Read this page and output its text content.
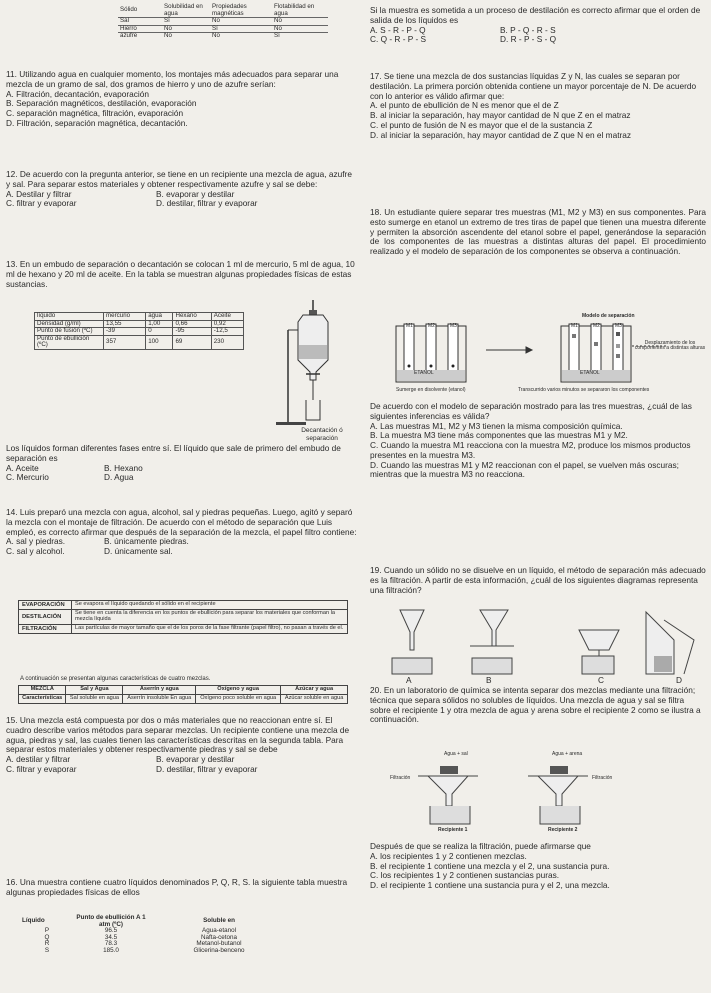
Sólido	Solubilidad en agua	Propiedades magnéticas	Flotabilidad en agua
Sal	Sí	No	No
Hierro	No	Sí	No
azufre	No	No	Sí

11. Utilizando agua en cualquier momento, los montajes más adecuados para separar una mezcla de un gramo de sal, dos gramos de hierro y uno de azufre serían:

A. Filtración, decantación, evaporación

B. Separación magnéticos, destilación, evaporación

C. separación magnética, filtración, evaporación

D. Filtración, separación magnética, decantación.

12. De acuerdo con la pregunta anterior, se tiene en un recipiente una mezcla de agua, azufre y sal. Para separar estos materiales y obtener respectivamente azufre y sal se debe:

A. Destilar y filtrar	B. evaporar y destilar
C. filtrar y evaporar	D. destilar, filtrar y evaporar

13. En un embudo de separación o decantación se colocan 1 ml de mercurio, 5 ml de agua, 10 ml de hexano y 20 ml de aceite. En la tabla se muestran algunas propiedades físicas de estas sustancias.

líquido	mercurio	agua	Hexano	Aceite
Densidad (g/ml)	13,55	1,00	0,66	0,92
Punto de fusión (ºC)	-39	0	-95	-12,5
Punto de ebullición (ºC)	357	100	69	230

Decantación ó separación

Los líquidos forman diferentes fases entre sí. El líquido que sale de primero del embudo de separación es

A. Aceite	B. Hexano
C. Mercurio	D. Agua

14. Luis preparó una mezcla con agua, alcohol, sal y piedras pequeñas. Luego, agitó y separó la mezcla con el montaje de filtración. De acuerdo con el método de separación que Luis empleó, es correcto afirmar que después de la separación de la mezcla, el papel filtro contiene:

A. sal y piedras.	B. únicamente piedras.
C. sal y alcohol.	D. únicamente sal.
EVAPORACIÓN	Se evapora el líquido quedando el sólido en el recipiente
DESTILACIÓN	Se tiene en cuenta la diferencia en los puntos de ebullición para separar los materiales que conforman la mezcla líquida
FILTRACIÓN	Las partículas de mayor tamaño que el de los poros de la fase filtrante (papel filtro), no pasan a través de el.

A continuación se presentan algunas características de cuatro mezclas.

MEZCLA	Sal y Agua	Aserrín y agua	Oxígeno y agua	Azúcar y agua
Características	Sal soluble en agua	Aserrín insoluble En agua	Oxígeno poco soluble en agua	Azúcar soluble en agua

15. Una mezcla está compuesta por dos o más materiales que no reaccionan entre sí. El cuadro describe varios métodos para separar mezclas. Un recipiente contiene una mezcla de agua, piedras y sal, las cuales tienen las características descritas en la segunda tabla. Para separar estos materiales y obtener respectivamente piedras y sal se debe

A. destilar y filtrar	B. evaporar y destilar
C. filtrar y evaporar	D. destilar, filtrar y evaporar

16. Una muestra contiene cuatro líquidos denominados P, Q, R, S. la siguiente tabla muestra algunas propiedades físicas de ellos

Líquido	Punto de ebullición A 1 atm (ºC)	Soluble en
P	96.5	Agua-etanol
Q	34.5	Nafta-cetona
R	78.3	Metanol-butanol
S	185.0	Glicerina-benceno

Si la muestra es sometida a un proceso de destilación es correcto afirmar que el orden de salida de los líquidos es

A. S - R - P - Q	B. P - Q - R - S
C. Q - R - P - S	D. R - P - S - Q

17. Se tiene una mezcla de dos sustancias líquidas Z y N, las cuales se separan por destilación. La primera porción obtenida contiene un mayor porcentaje de N. De acuerdo con lo anterior es válido afirmar que:

A. el punto de ebullición de N es menor que el de Z

B. al iniciar la separación, hay mayor cantidad de N que Z en el matraz

C. el punto de fusión de N es mayor que el de la sustancia Z

D. al iniciar la separación, hay mayor cantidad de Z que N en el matraz

18. Un estudiante quiere separar tres muestras (M1, M2 y M3) en sus componentes. Para esto sumerge en etanol un extremo de tres tiras de papel que tienen una muestra diferente y permiten la absorción ascendente del etanol sobre el papel, generándose la separación de los componentes de las muestras a distintas alturas del papel. El procedimiento realizado y el modelo de separación de los componentes se observa a continuación.

Modelo de separación
M1	M2	M3	M1	M2	M3
ETANOL	ETANOL
Desplazamiento de los componentes a distintas alturas
Sumerge en disolvente (etanol)	Transcurrido varios minutos se separaron los componentes

De acuerdo con el modelo de separación mostrado para las tres muestras, ¿cuál de las siguientes inferencias es válida?

A. Las muestras M1, M2 y M3 tienen la misma composición química.

B. La muestra M3 tiene más componentes que las muestras M1 y M2.

C. Cuando la muestra M1 reacciona con la muestra M2, produce los mismos productos presentes en la muestra M3.

D. Cuando las muestras M1 y M2 reaccionan con el papel, se vuelven más oscuras; mientras que la muestra M3 no reacciona.

19. Cuando un sólido no se disuelve en un líquido, el método de separación más adecuado es la filtración. A partir de esta información, ¿cuál de los siguientes diagramas representa una filtración?

A	B	C	D

20. En un laboratorio de química se intenta separar dos mezclas mediante una filtración; técnica que separa sólidos no solubles de líquidos. Una mezcla de agua y sal se filtra sobre el recipiente 1 y otra mezcla de agua y arena sobre el recipiente 2 como se ilustra a continuación.

Agua + sal	Agua + arena
Filtración	Filtración
Recipiente 1	Recipiente 2

Después de que se realiza la filtración, puede afirmarse que

A. los recipientes 1 y 2 contienen mezclas.

B. el recipiente 1 contiene una mezcla y el 2, una sustancia pura.

C. los recipientes 1 y 2 contienen sustancias puras.

D. el recipiente 1 contiene una sustancia pura y el 2, una mezcla.
